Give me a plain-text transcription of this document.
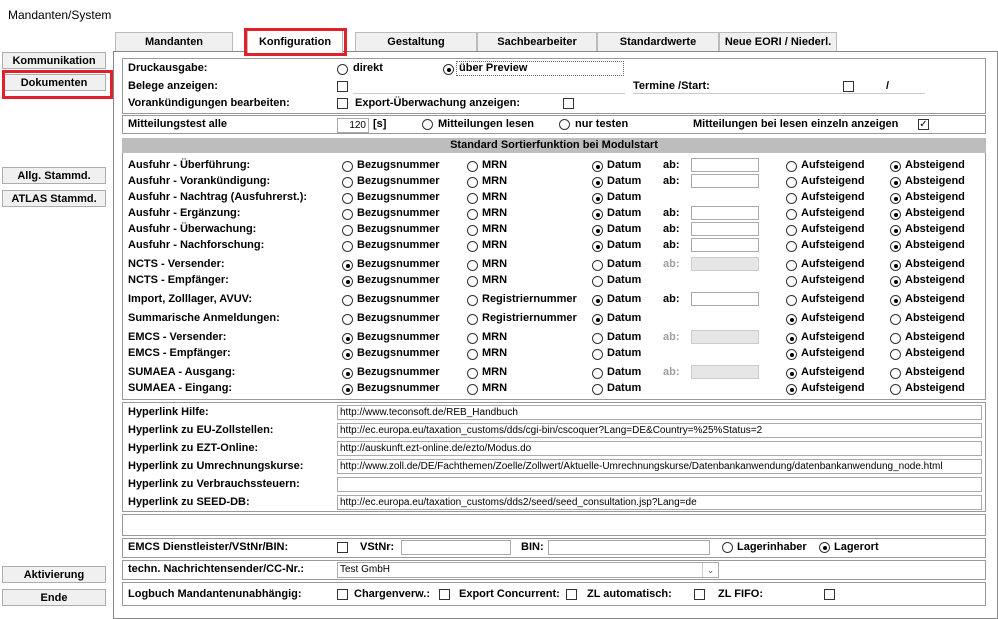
Mandanten/System
Kommunikation
Dokumenten
Allg. Stammd.
ATLAS Stammd.
Aktivierung
Ende
Mandanten	Konfiguration	Gestaltung	Sachbearbeiter	Standardwerte	Neue EORI / Niederl.
Druckausgabe:	direkt	über Preview
Belege anzeigen:	Termine /Start:	/
Vorankündigungen bearbeiten:	Export-Überwachung anzeigen:
Mitteilungstest alle	120 [s]	Mitteilungen lesen	nur testen	Mitteilungen bei lesen einzeln anzeigen ✓
Standard Sortierfunktion bei Modulstart
Ausfuhr - Überführung:	Bezugsnummer	MRN	Datum ab:	Aufsteigend	Absteigend
Ausfuhr - Vorankündigung:	Bezugsnummer	MRN	Datum ab:	Aufsteigend	Absteigend
Ausfuhr - Nachtrag (Ausfuhrerst.):	Bezugsnummer	MRN	Datum	Aufsteigend	Absteigend
Ausfuhr - Ergänzung:	Bezugsnummer	MRN	Datum ab:	Aufsteigend	Absteigend
Ausfuhr - Überwachung:	Bezugsnummer	MRN	Datum ab:	Aufsteigend	Absteigend
Ausfuhr - Nachforschung:	Bezugsnummer	MRN	Datum ab:	Aufsteigend	Absteigend
NCTS - Versender:	Bezugsnummer	MRN	Datum ab:	Aufsteigend	Absteigend
NCTS - Empfänger:	Bezugsnummer	MRN	Datum	Aufsteigend	Absteigend
Import, Zolllager, AVUV:	Bezugsnummer	Registriernummer	Datum ab:	Aufsteigend	Absteigend
Summarische Anmeldungen:	Bezugsnummer	Registriernummer	Datum	Aufsteigend	Absteigend
EMCS - Versender:	Bezugsnummer	MRN	Datum ab:	Aufsteigend	Absteigend
EMCS - Empfänger:	Bezugsnummer	MRN	Datum	Aufsteigend	Absteigend
SUMAEA - Ausgang:	Bezugsnummer	MRN	Datum ab:	Aufsteigend	Absteigend
SUMAEA - Eingang:	Bezugsnummer	MRN	Datum	Aufsteigend	Absteigend
Hyperlink Hilfe:	http://www.teconsoft.de/REB_Handbuch
Hyperlink zu EU-Zollstellen:	http://ec.europa.eu/taxation_customs/dds/cgi-bin/cscoquer?Lang=DE&Country=%25%Status=2
Hyperlink zu EZT-Online:	http://auskunft.ezt-online.de/ezto/Modus.do
Hyperlink zu Umrechnungskurse:	http://www.zoll.de/DE/Fachthemen/Zoelle/Zollwert/Aktuelle-Umrechnungskurse/Datenbankanwendung/datenbankanwendung_node.html
Hyperlink zu Verbrauchssteuern:
Hyperlink zu SEED-DB:	http://ec.europa.eu/taxation_customs/dds2/seed/seed_consultation.jsp?Lang=de
EMCS Dienstleister/VStNr/BIN:	VStNr:	BIN:	Lagerinhaber Lagerort
techn. Nachrichtensender/CC-Nr.:	Test GmbH	⌄
Logbuch Mandantenunabhängig:	Chargenverw.:	Export Concurrent: ZL automatisch:	ZL FIFO:
